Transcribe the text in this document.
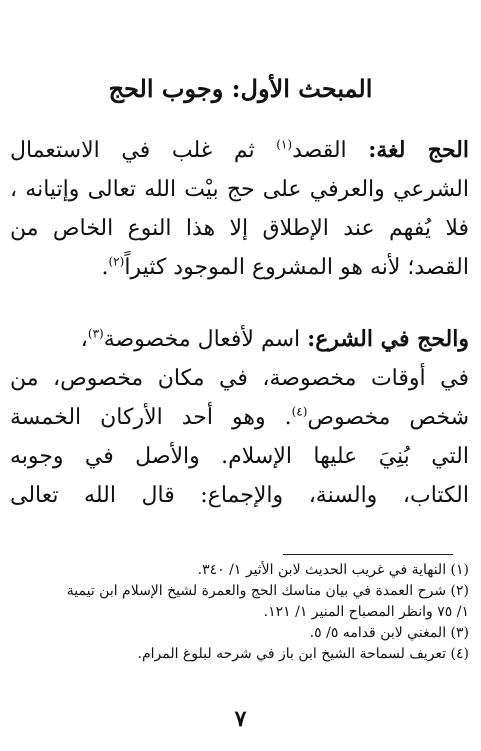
المبحث الأول: وجوب الحج
الحج لغة: القصد$^{(١)}$ ثم غلب في الاستعمال
الشرعي والعرفي على حج بيْت الله تعالى وإتيانه ،
فلا يُفهم عند الإطلاق إلا هذا النوع الخاص من
القصد؛ لأنه هو المشروع الموجود كثيراً$^{(٢)}$.
والحج في الشرع: اسم لأفعال مخصوصة$^{(٣)}$،
في أوقات مخصوصة، في مكان مخصوص، من
شخص مخصوص$^{(٤)}$. وهو أحد الأركان الخمسة
التي بُنِيَ عليها الإسلام. والأصل في وجوبه
الكتاب، والسنة، والإجماع: قال الله تعالى
(١) النهاية في غريب الحديث لابن الأثير ١/ ٣٤٠.
(٢) شرح العمدة في بيان مناسك الحج والعمرة لشيخ الإسلام ابن تيمية
١/ ٧٥ وانظر المصباح المنير ١/ ١٢١.
(٣) المغني لابن قدامه ٥/ ٥.
(٤) تعريف لسماحة الشيخ ابن باز في شرحه لبلوغ المرام.
٧
